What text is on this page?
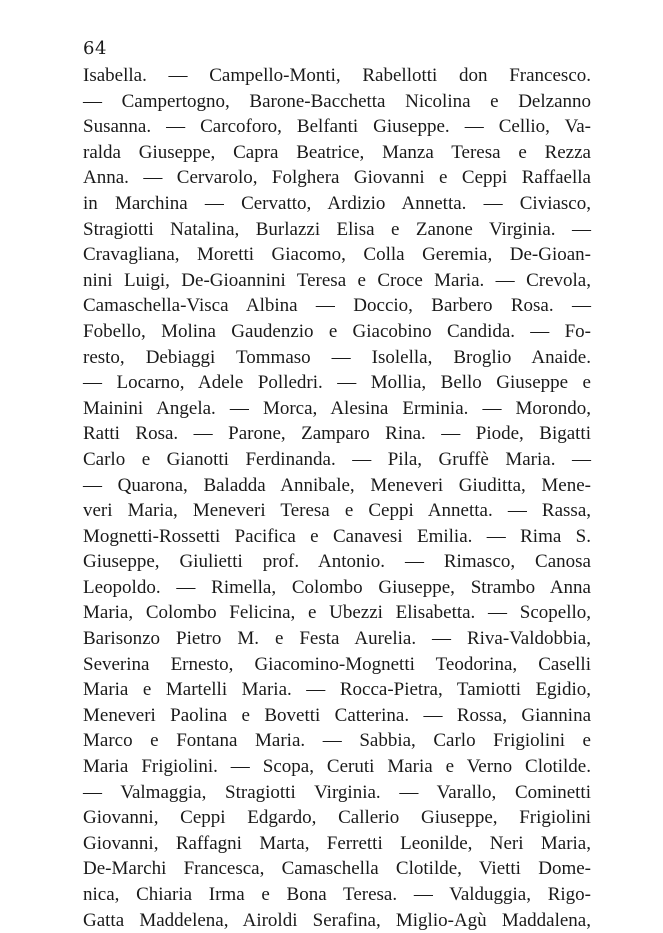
64
Isabella. — Campello-Monti, Rabellotti don Francesco.
— Campertogno, Barone-Bacchetta Nicolina e Delzanno
Susanna. — Carcoforo, Belfanti Giuseppe. — Cellio, Va-
ralda Giuseppe, Capra Beatrice, Manza Teresa e Rezza
Anna. — Cervarolo, Folghera Giovanni e Ceppi Raffaella
in Marchina — Cervatto, Ardizio Annetta. — Civiasco,
Stragiotti Natalina, Burlazzi Elisa e Zanone Virginia. —
Cravagliana, Moretti Giacomo, Colla Geremia, De-Gioan-
nini Luigi, De-Gioannini Teresa e Croce Maria. — Crevola,
Camaschella-Visca Albina — Doccio, Barbero Rosa. —
Fobello, Molina Gaudenzio e Giacobino Candida. — Fo-
resto, Debiaggi Tommaso — Isolella, Broglio Anaide.
— Locarno, Adele Polledri. — Mollia, Bello Giuseppe e
Mainini Angela. — Morca, Alesina Erminia. — Morondo,
Ratti Rosa. — Parone, Zamparo Rina. — Piode, Bigatti
Carlo e Gianotti Ferdinanda. — Pila, Gruffè Maria. —
— Quarona, Baladda Annibale, Meneveri Giuditta, Mene-
veri Maria, Meneveri Teresa e Ceppi Annetta. — Rassa,
Mognetti-Rossetti Pacifica e Canavesi Emilia. — Rima S.
Giuseppe, Giulietti prof. Antonio. — Rimasco, Canosa
Leopoldo. — Rimella, Colombo Giuseppe, Strambo Anna
Maria, Colombo Felicina, e Ubezzi Elisabetta. — Scopello,
Barisonzo Pietro M. e Festa Aurelia. — Riva-Valdobbia,
Severina Ernesto, Giacomino-Mognetti Teodorina, Caselli
Maria e Martelli Maria. — Rocca-Pietra, Tamiotti Egidio,
Meneveri Paolina e Bovetti Catterina. — Rossa, Giannina
Marco e Fontana Maria. — Sabbia, Carlo Frigiolini e
Maria Frigiolini. — Scopa, Ceruti Maria e Verno Clotilde.
— Valmaggia, Stragiotti Virginia. — Varallo, Cominetti
Giovanni, Ceppi Edgardo, Callerio Giuseppe, Frigiolini
Giovanni, Raffagni Marta, Ferretti Leonilde, Neri Maria,
De-Marchi Francesca, Camaschella Clotilde, Vietti Dome-
nica, Chiaria Irma e Bona Teresa. — Valduggia, Rigo-
Gatta Maddelena, Airoldi Serafina, Miglio-Agù Maddalena,
